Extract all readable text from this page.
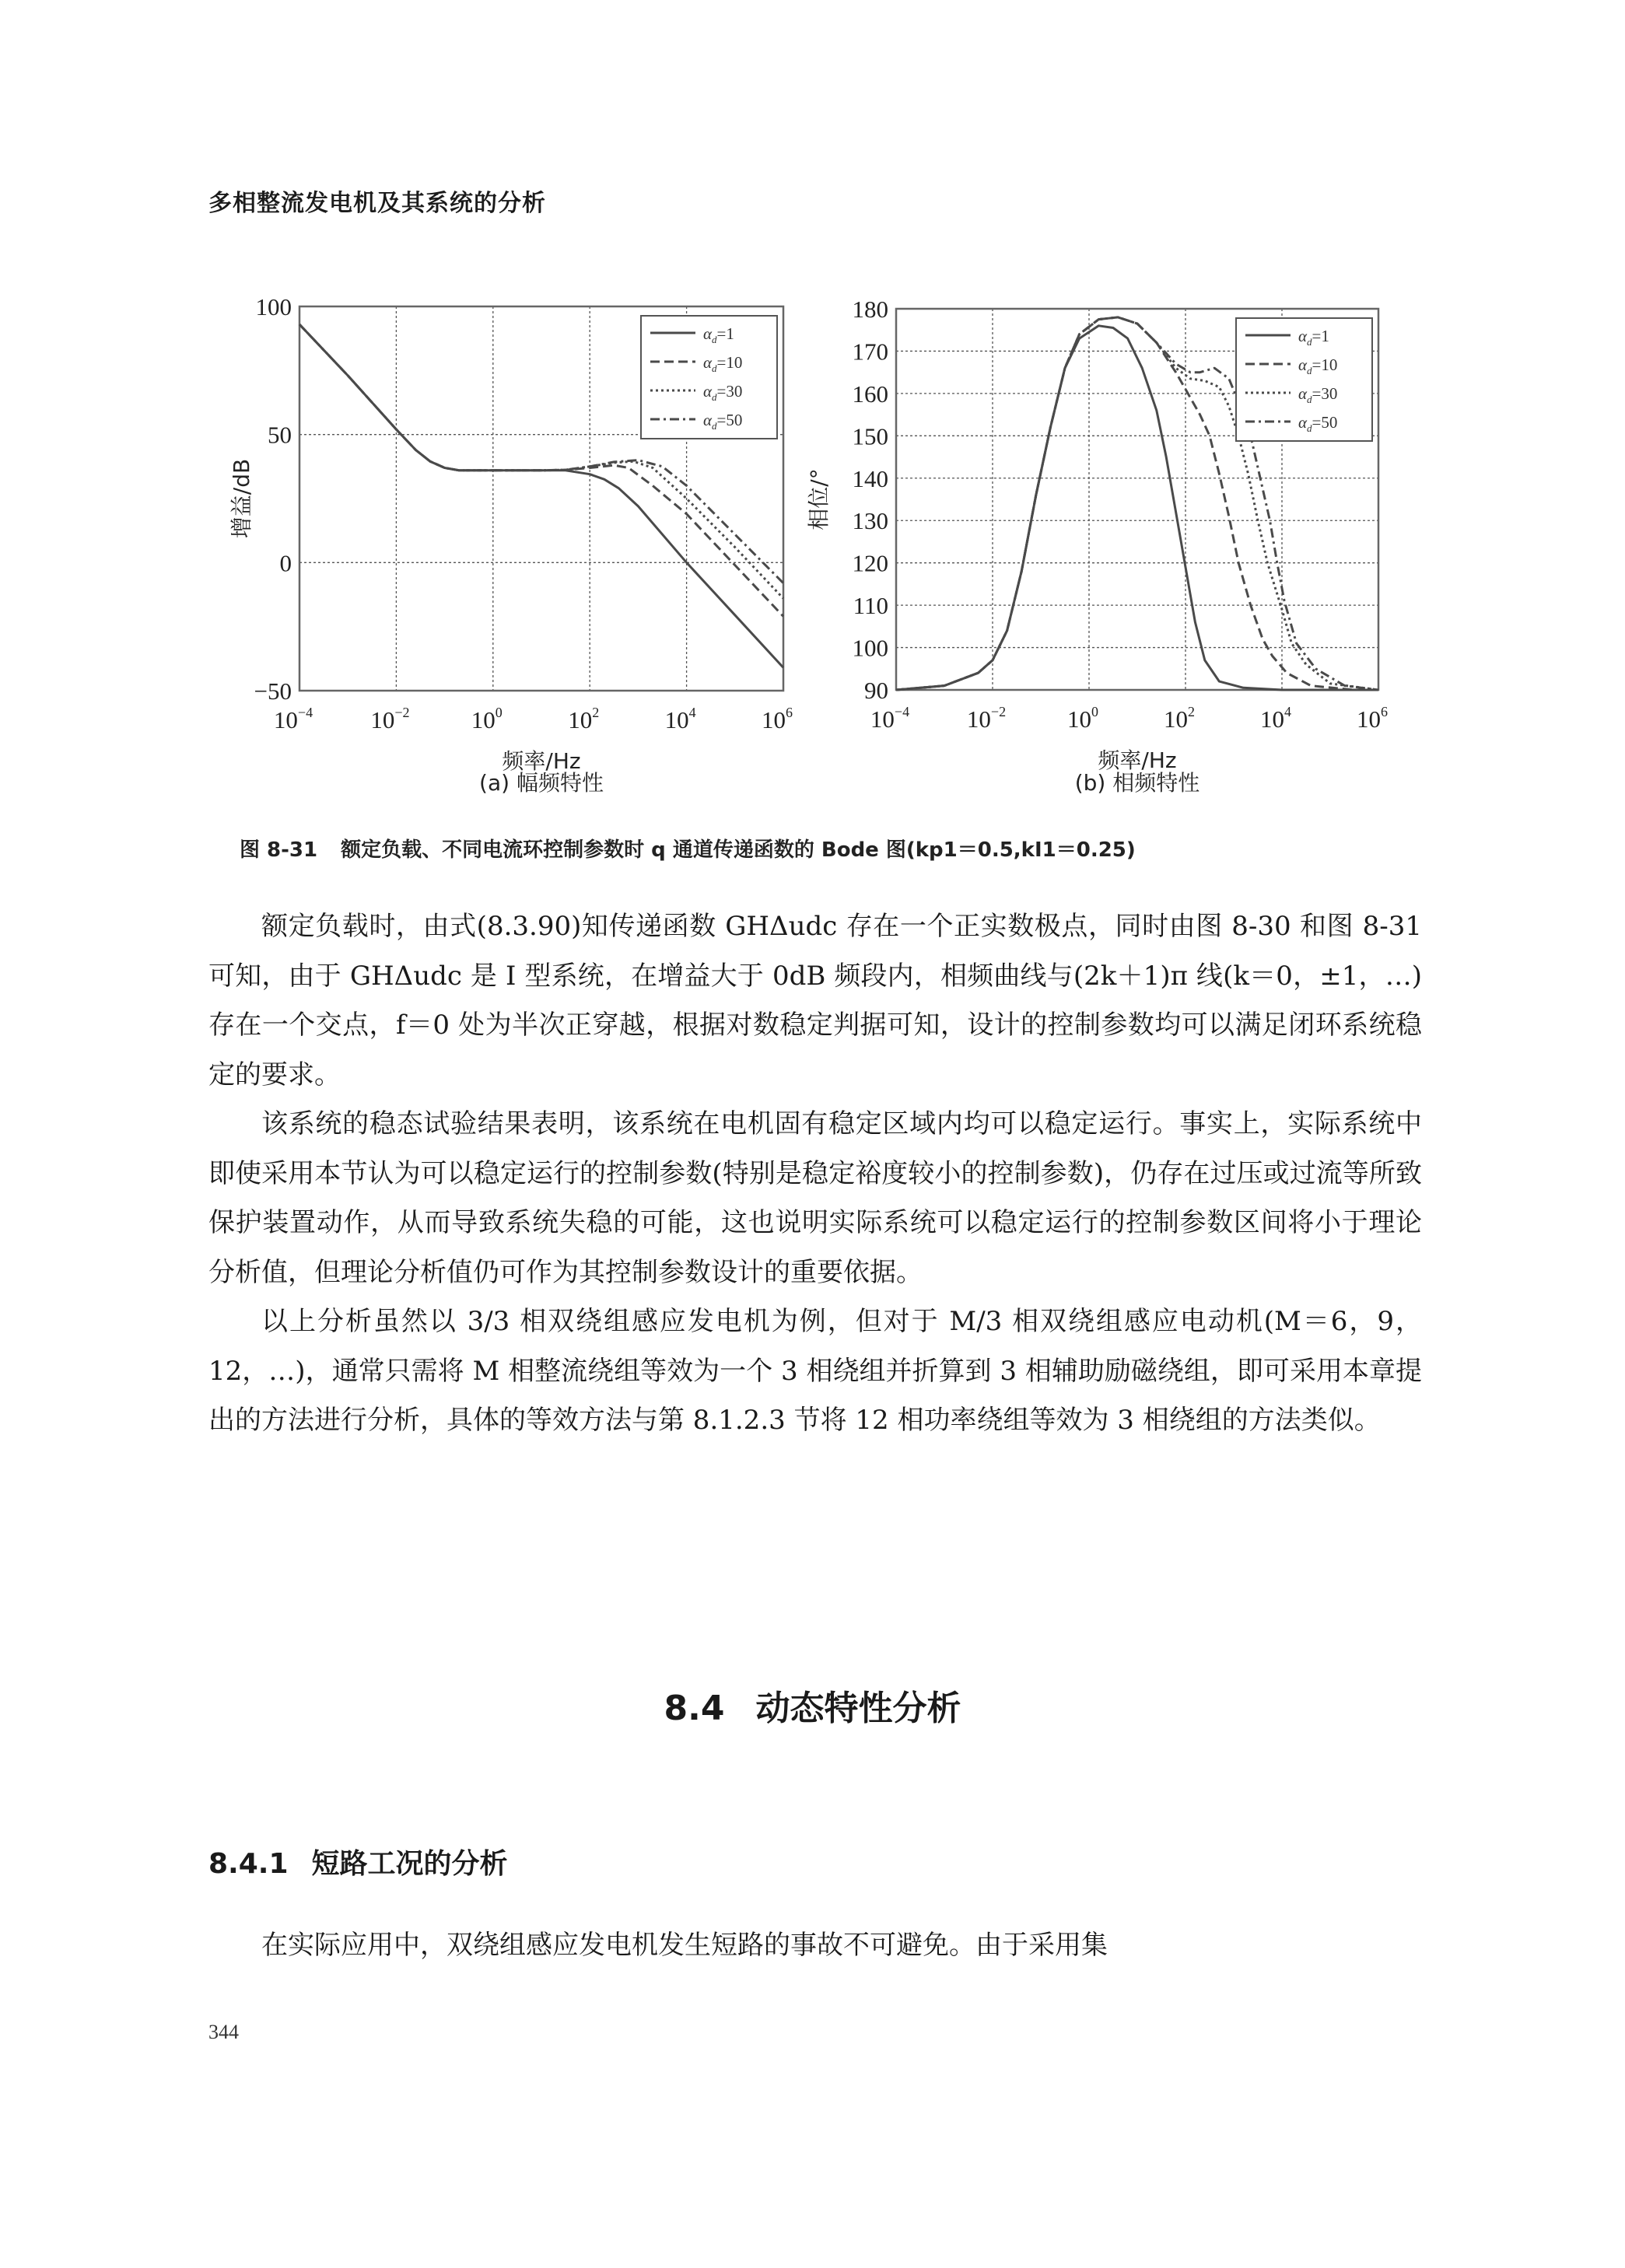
多相整流发电机及其系统的分析
−50
0
50
100
$10^{-4}$ $10^{-2}$	$10^0$	$10^2$	$10^4$	$10^6$
频率/Hz
增益/dB
$\alpha_d=1$
$\alpha_d=10$
$\alpha_d=30$
$\alpha_d=50$
90
100
110
120
130
140
150
160
170
180
$10^{-4}$ $10^{-2}$	$10^0$	$10^2$	$10^4$	$10^6$
频率/Hz
相位/°
$\alpha_d=1$
$\alpha_d=10$
$\alpha_d=30$
$\alpha_d=50$
(a) 幅频特性	(b) 相频特性
图 8-31 额定负载、不同电流环控制参数时 q 通道传递函数的 Bode 图(kp1＝0.5,kI1＝0.25)

额定负载时，由式(8.3.90)知传递函数 GHΔudc 存在一个正实数极点，同时由图 8-30 和图 8-31 可知，由于 GHΔudc 是 I 型系统，在增益大于 0dB 频段内，相频曲线与(2k＋1)π 线(k＝0，±1，…)存在一个交点，f＝0 处为半次正穿越，根据对数稳定判据可知，设计的控制参数均可以满足闭环系统稳定的要求。

该系统的稳态试验结果表明，该系统在电机固有稳定区域内均可以稳定运行。事实上，实际系统中即使采用本节认为可以稳定运行的控制参数(特别是稳定裕度较小的控制参数)，仍存在过压或过流等所致保护装置动作，从而导致系统失稳的可能，这也说明实际系统可以稳定运行的控制参数区间将小于理论分析值，但理论分析值仍可作为其控制参数设计的重要依据。

以上分析虽然以 3/3 相双绕组感应发电机为例，但对于 M/3 相双绕组感应电动机(M＝6，9，12，…)，通常只需将 M 相整流绕组等效为一个 3 相绕组并折算到 3 相辅助励磁绕组，即可采用本章提出的方法进行分析，具体的等效方法与第 8.1.2.3 节将 12 相功率绕组等效为 3 相绕组的方法类似。

8.4 动态特性分析
8.4.1 短路工况的分析

在实际应用中，双绕组感应发电机发生短路的事故不可避免。由于采用集

344
